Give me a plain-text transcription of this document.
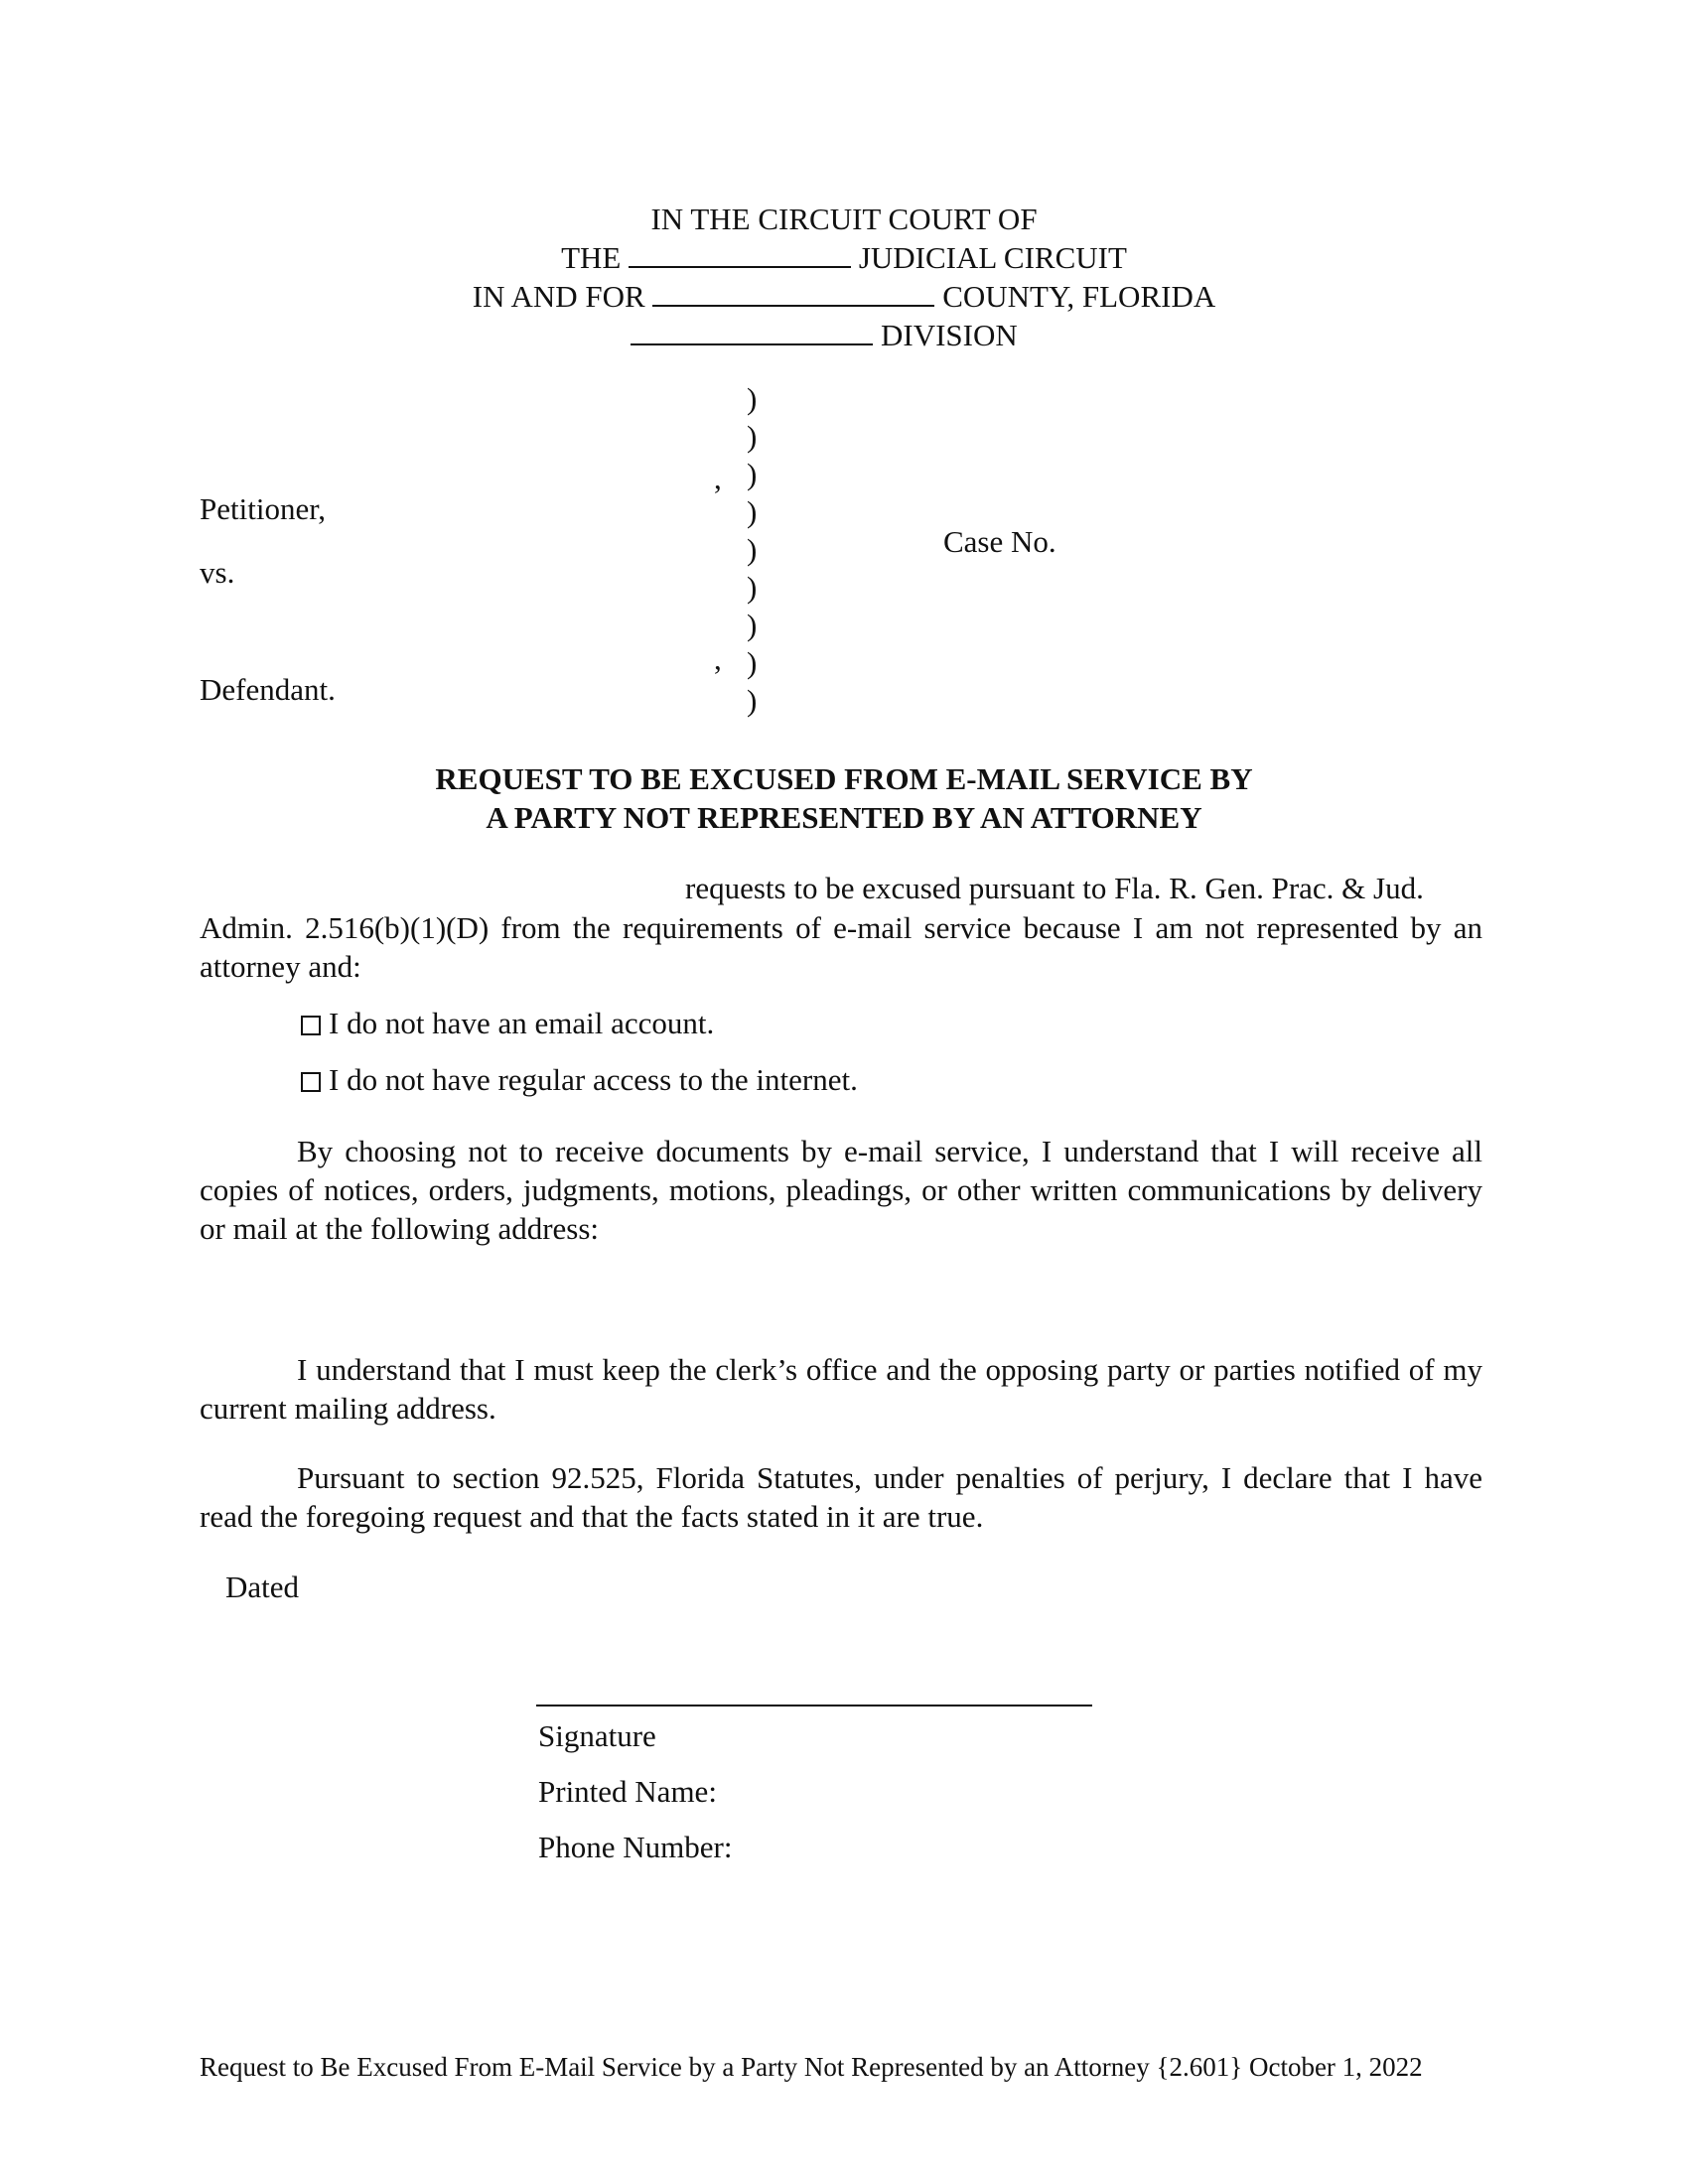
IN THE CIRCUIT COURT OF
THE	JUDICIAL CIRCUIT
IN AND FOR	COUNTY, FLORIDA
DIVISION
)
)
)
)
)
)
)
)
)
,
Petitioner,
vs.
,
Defendant.
Case No.
REQUEST TO BE EXCUSED FROM E-MAIL SERVICE BY
A PARTY NOT REPRESENTED BY AN ATTORNEY
requests to be excused pursuant to Fla. R. Gen. Prac. & Jud.
Admin. 2.516(b)(1)(D) from the requirements of e-mail service because I am not represented by an attorney and:
I do not have an email account.
I do not have regular access to the internet.
By choosing not to receive documents by e-mail service, I understand that I will receive all copies of notices, orders, judgments, motions, pleadings, or other written communications by delivery or mail at the following address:
I understand that I must keep the clerk’s office and the opposing party or parties notified of my current mailing address.
Pursuant to section 92.525, Florida Statutes, under penalties of perjury, I declare that I have read the foregoing request and that the facts stated in it are true.
Dated
Signature
Printed Name:
Phone Number:
Request to Be Excused From E-Mail Service by a Party Not Represented by an Attorney {2.601} October 1, 2022
